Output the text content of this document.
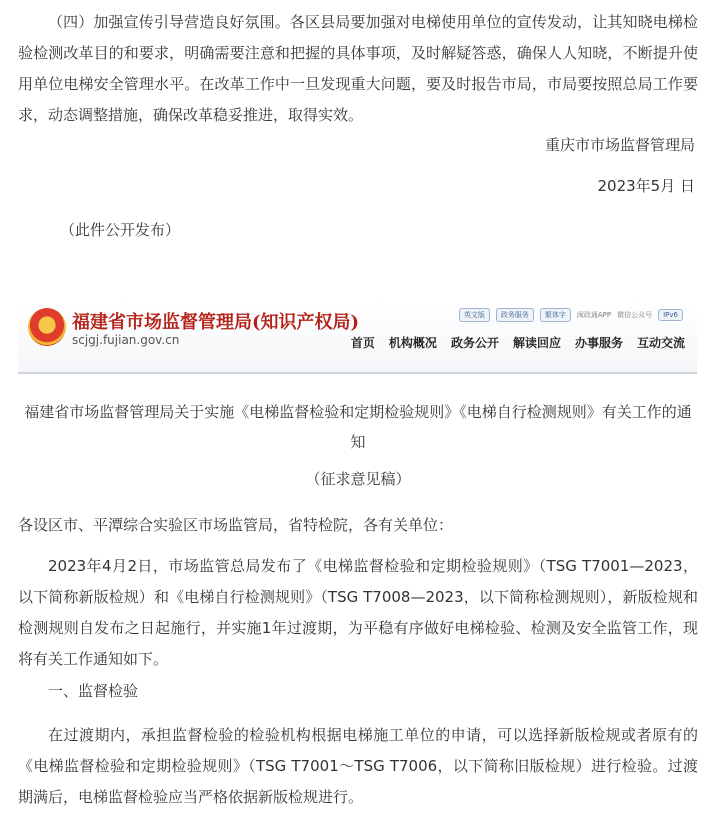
（四）加强宣传引导营造良好氛围。各区县局要加强对电梯使用单位的宣传发动，让其知晓电梯检验检测改革目的和要求，明确需要注意和把握的具体事项，及时解疑答惑，确保人人知晓，不断提升使用单位电梯安全管理水平。在改革工作中一旦发现重大问题，要及时报告市局，市局要按照总局工作要求，动态调整措施，确保改革稳妥推进，取得实效。

重庆市市场监督管理局
2023年5月 日
（此件公开发布）
福建省市场监督管理局(知识产权局)
scjgj.fujian.gov.cn
英文版	政务服务	繁体字	闽政通APP 微信公众号	IPv6
首页 机构概况 政务公开 解读回应 办事服务 互动交流
福建省市场监督管理局关于实施《电梯监督检验和定期检验规则》《电梯自行检测规则》有关工作的通知
（征求意见稿）

各设区市、平潭综合实验区市场监管局，省特检院，各有关单位：

2023年4月2日，市场监管总局发布了《电梯监督检验和定期检验规则》（TSG T7001—2023，以下简称新版检规）和《电梯自行检测规则》（TSG T7008—2023，以下简称检测规则），新版检规和检测规则自发布之日起施行，并实施1年过渡期，为平稳有序做好电梯检验、检测及安全监管工作，现将有关工作通知如下。

一、监督检验

在过渡期内，承担监督检验的检验机构根据电梯施工单位的申请，可以选择新版检规或者原有的《电梯监督检验和定期检验规则》（TSG T7001～TSG T7006，以下简称旧版检规）进行检验。过渡期满后，电梯监督检验应当严格依据新版检规进行。
